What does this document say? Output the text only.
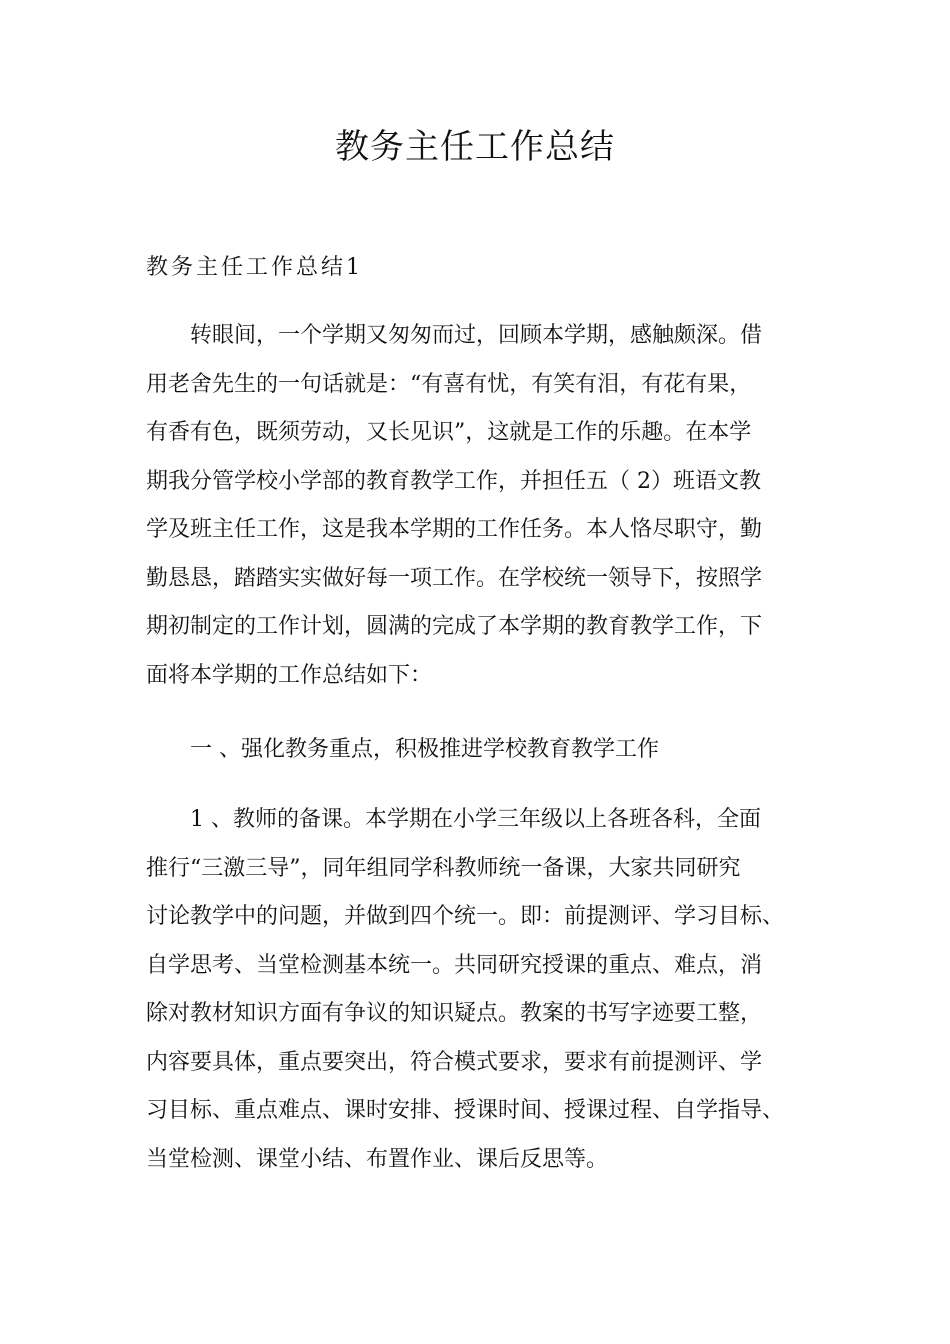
教务主任工作总结
教务主任工作总结1

转眼间，一个学期又匆匆而过，回顾本学期，感触颇深。借
用老舍先生的一句话就是：“有喜有忧，有笑有泪，有花有果，
有香有色，既须劳动，又长见识”，这就是工作的乐趣。在本学
期我分管学校小学部的教育教学工作，并担任五（ 2）班语文教
学及班主任工作，这是我本学期的工作任务。本人恪尽职守，勤
勤恳恳，踏踏实实做好每一项工作。在学校统一领导下，按照学
期初制定的工作计划，圆满的完成了本学期的教育教学工作，下
面将本学期的工作总结如下：

一 、强化教务重点，积极推进学校教育教学工作

1 、教师的备课。本学期在小学三年级以上各班各科，全面
推行“三激三导”，同年组同学科教师统一备课，大家共同研究
讨论教学中的问题，并做到四个统一。即：前提测评、学习目标、
自学思考、当堂检测基本统一。共同研究授课的重点、难点，消
除对教材知识方面有争议的知识疑点。教案的书写字迹要工整，
内容要具体，重点要突出，符合模式要求，要求有前提测评、学
习目标、重点难点、课时安排、授课时间、授课过程、自学指导、
当堂检测、课堂小结、布置作业、课后反思等。
